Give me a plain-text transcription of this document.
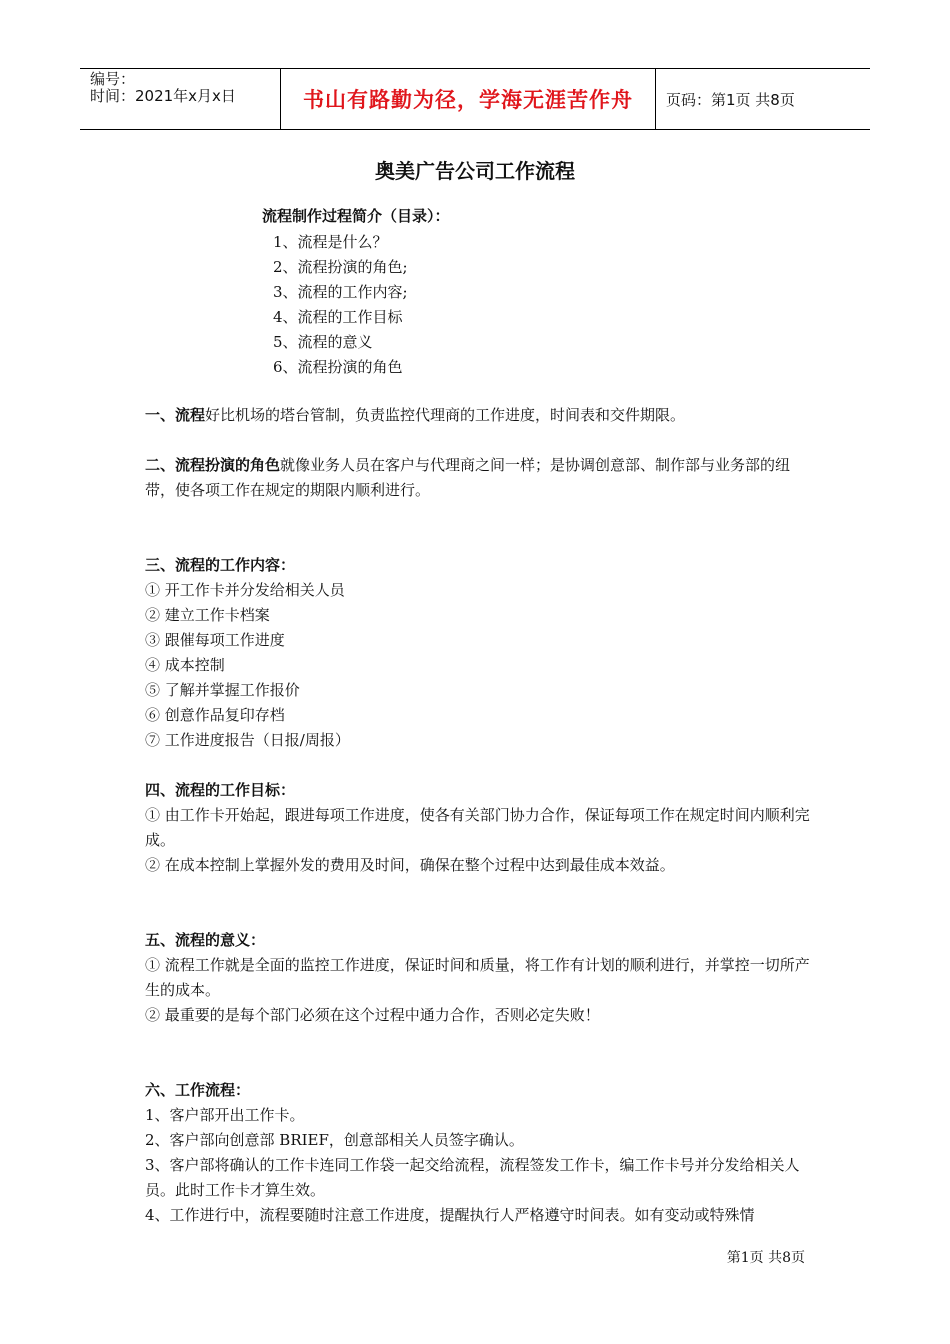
编号：
时间：2021年x月x日	书山有路勤为径，学海无涯苦作舟	页码：第1页 共8页
奥美广告公司工作流程
流程制作过程简介（目录）：
1、流程是什么？
2、流程扮演的角色;
3、流程的工作内容;
4、流程的工作目标
5、流程的意义
6、流程扮演的角色

一、流程好比机场的塔台管制，负责监控代理商的工作进度，时间表和交件期限。

二、流程扮演的角色就像业务人员在客户与代理商之间一样；是协调创意部、制作部与业务部的纽带，使各项工作在规定的期限内顺利进行。

三、流程的工作内容：

① 开工作卡并分发给相关人员

② 建立工作卡档案

③ 跟催每项工作进度

④ 成本控制

⑤ 了解并掌握工作报价

⑥ 创意作品复印存档

⑦ 工作进度报告（日报/周报）

四、流程的工作目标：

① 由工作卡开始起，跟进每项工作进度，使各有关部门协力合作，保证每项工作在规定时间内顺利完成。

② 在成本控制上掌握外发的费用及时间，确保在整个过程中达到最佳成本效益。

五、流程的意义：

① 流程工作就是全面的监控工作进度，保证时间和质量，将工作有计划的顺利进行，并掌控一切所产生的成本。

② 最重要的是每个部门必须在这个过程中通力合作，否则必定失败！

六、工作流程：

1、客户部开出工作卡。

2、客户部向创意部 BRIEF，创意部相关人员签字确认。

3、客户部将确认的工作卡连同工作袋一起交给流程，流程签发工作卡，编工作卡号并分发给相关人员。此时工作卡才算生效。

4、工作进行中，流程要随时注意工作进度，提醒执行人严格遵守时间表。如有变动或特殊情

第1页 共8页
